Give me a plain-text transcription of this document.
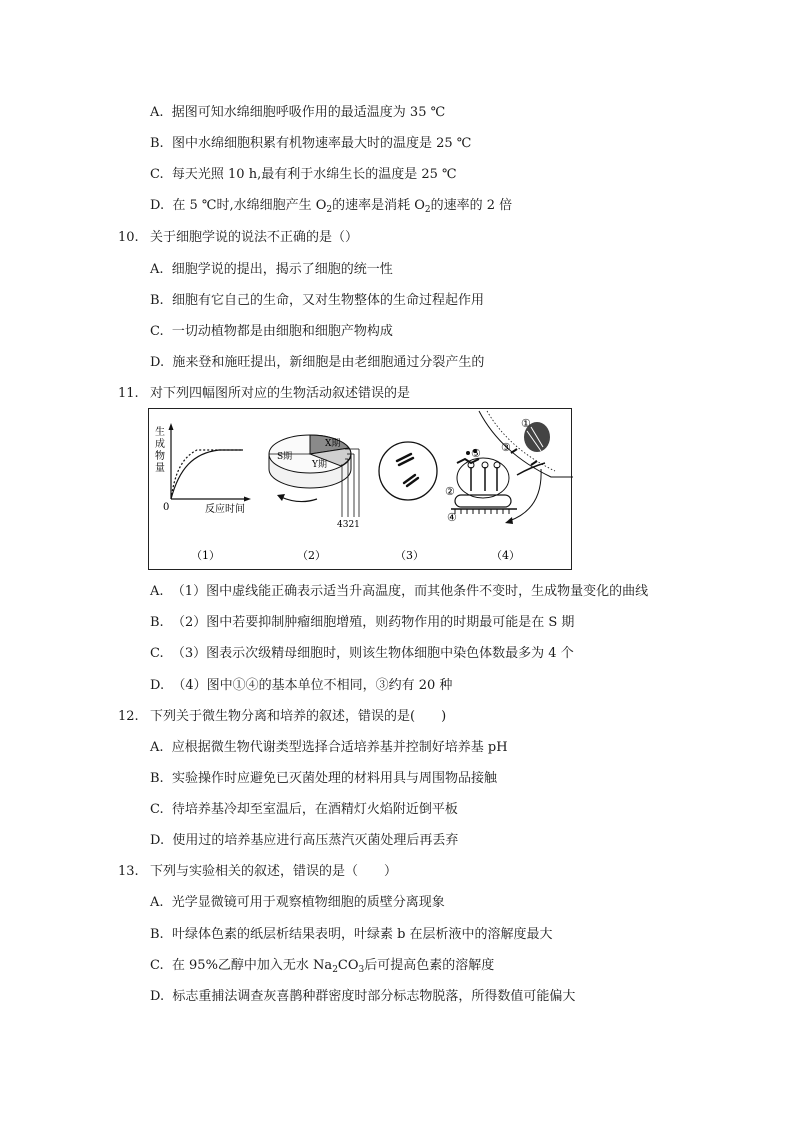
A. 据图可知水绵细胞呼吸作用的最适温度为 35 ℃
B. 图中水绵细胞积累有机物速率最大时的温度是 25 ℃
C. 每天光照 10 h,最有利于水绵生长的温度是 25 ℃
D. 在 5 ℃时,水绵细胞产生 $O_2$的速率是消耗 $O_2$的速率的 2 倍
10. 关于细胞学说的说法不正确的是（）
A. 细胞学说的提出，揭示了细胞的统一性
B. 细胞有它自己的生命，又对生物整体的生命过程起作用
C. 一切动植物都是由细胞和细胞产物构成
D. 施来登和施旺提出，新细胞是由老细胞通过分裂产生的
11. 对下列四幅图所对应的生物活动叙述错误的是
生
成
物
量
0	反应时间
X期
S期
Y期
4321
①
②
③
④
⑤
（1）	（2）	（3）	（4）
A. （1）图中虚线能正确表示适当升高温度，而其他条件不变时，生成物量变化的曲线
B. （2）图中若要抑制肿瘤细胞增殖，则药物作用的时期最可能是在 S 期
C. （3）图表示次级精母细胞时，则该生物体细胞中染色体数最多为 4 个
D. （4）图中①④的基本单位不相同，③约有 20 种
12. 下列关于微生物分离和培养的叙述，错误的是(　　)
A. 应根据微生物代谢类型选择合适培养基并控制好培养基 pH
B. 实验操作时应避免已灭菌处理的材料用具与周围物品接触
C. 待培养基冷却至室温后，在酒精灯火焰附近倒平板
D. 使用过的培养基应进行高压蒸汽灭菌处理后再丢弃
13. 下列与实验相关的叙述，错误的是（　　）
A. 光学显微镜可用于观察植物细胞的质壁分离现象
B. 叶绿体色素的纸层析结果表明，叶绿素 b 在层析液中的溶解度最大
C. 在 95%乙醇中加入无水 $Na_2CO_3$后可提高色素的溶解度
D. 标志重捕法调查灰喜鹊种群密度时部分标志物脱落，所得数值可能偏大
